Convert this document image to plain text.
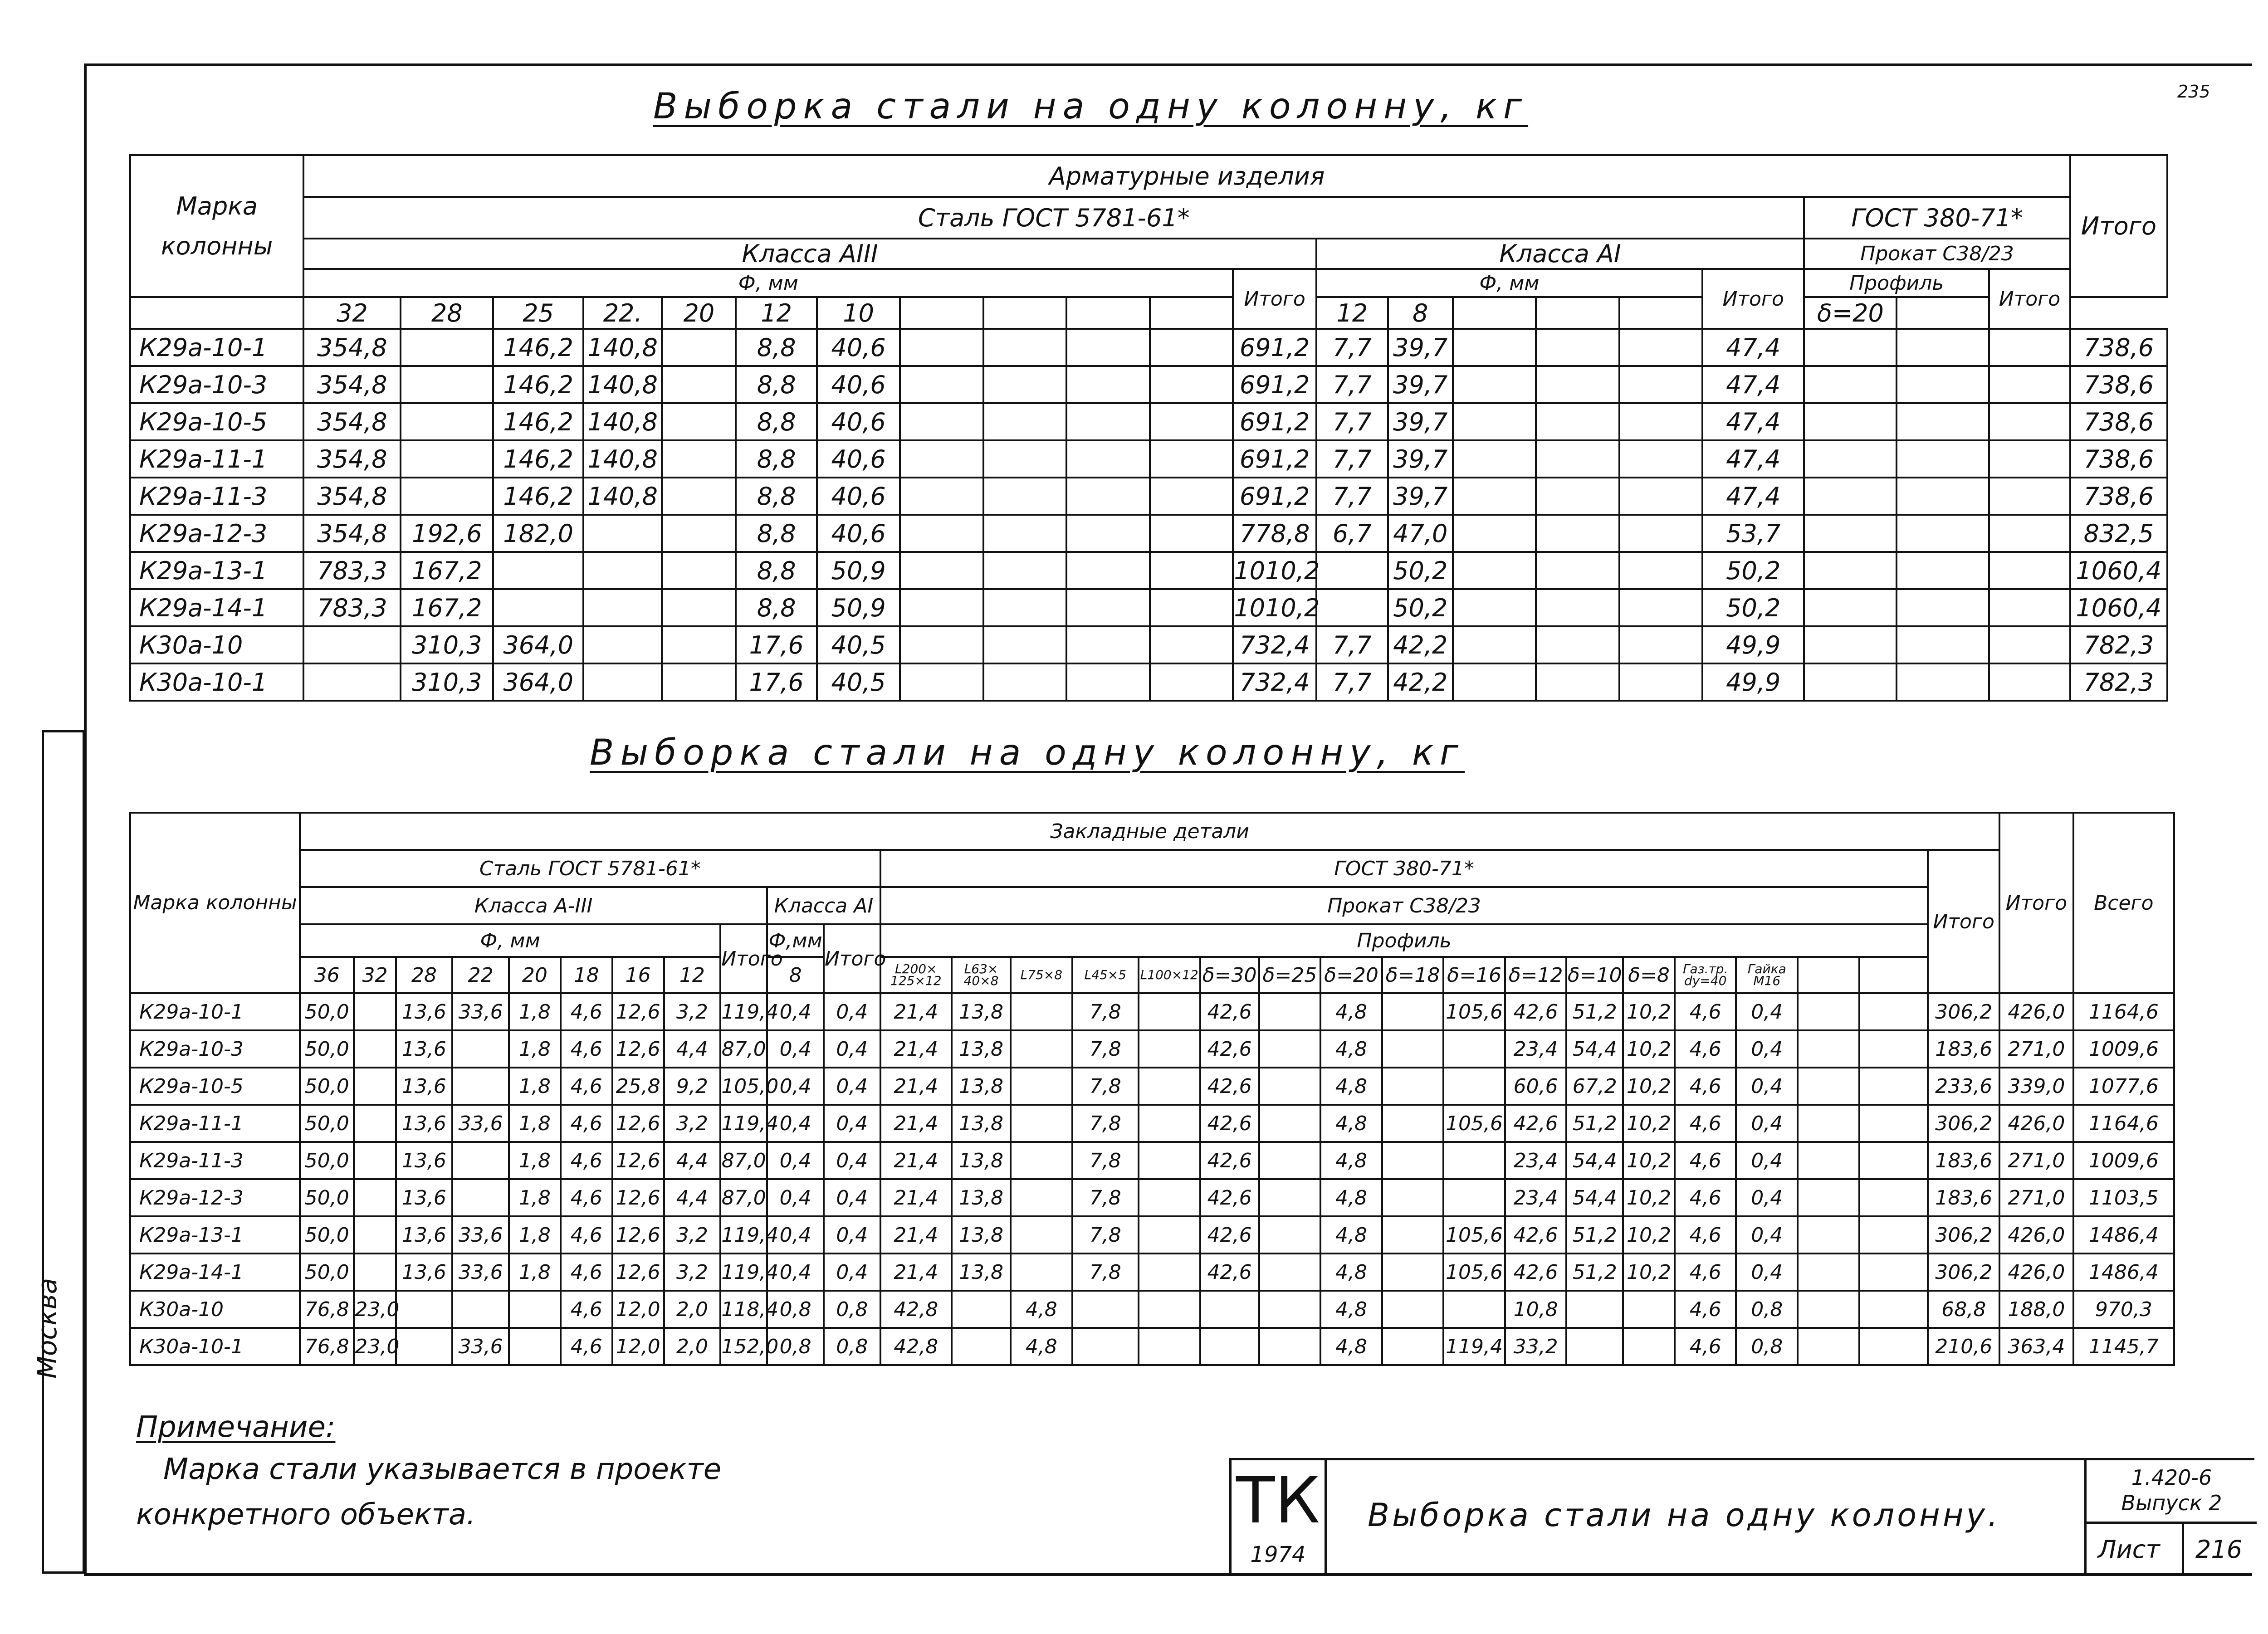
Москва
235
Выборка стали на одну колонну, кг
Марка колонны	Арматурные изделия																					Итого
	Сталь ГОСТ 5781-61*																		ГОСТ 380-71*			
	Класса АIII												Класса АI						Прокат С38/23			
	Ф, мм											Итого	Ф, мм					Итого	Профиль		Итого	
	32	28	25	22.	20	12	10						12	8					δ=20		
К29а-10-1	354,8		146,2	140,8		8,8	40,6					691,2	7,7	39,7				47,4				738,6
К29а-10-3	354,8		146,2	140,8		8,8	40,6					691,2	7,7	39,7				47,4				738,6
К29а-10-5	354,8		146,2	140,8		8,8	40,6					691,2	7,7	39,7				47,4				738,6
К29а-11-1	354,8		146,2	140,8		8,8	40,6					691,2	7,7	39,7				47,4				738,6
К29а-11-3	354,8		146,2	140,8		8,8	40,6					691,2	7,7	39,7				47,4				738,6
К29а-12-3	354,8	192,6	182,0			8,8	40,6					778,8	6,7	47,0				53,7				832,5
К29а-13-1	783,3	167,2				8,8	50,9					1010,2		50,2				50,2				1060,4
К29а-14-1	783,3	167,2				8,8	50,9					1010,2		50,2				50,2				1060,4
К30а-10		310,3	364,0			17,6	40,5					732,4	7,7	42,2				49,9				782,3
К30а-10-1		310,3	364,0			17,6	40,5					732,4	7,7	42,2				49,9				782,3
Выборка стали на одну колонну, кг
Марка колонны	Закладные детали																													Итого	Всего
	Сталь ГОСТ 5781-61*											ГОСТ 380-71*																	Итого		
	Класса А-III									Класса АI		Прокат С38/23																			
	Ф, мм								Итого	Ф,мм	Итого	Профиль																			
	36	32	28	22	20	18	16	12		8		L200× 125×12	L63× 40×8	L75×8	L45×5	L100×12	δ=30	δ=25	δ=20	δ=18	δ=16	δ=12	δ=10	δ=8	Газ.тр. dy=40	Гайка M16					
К29а-10-1	50,0		13,6	33,6	1,8	4,6	12,6	3,2	119,4	0,4	0,4	21,4	13,8		7,8		42,6		4,8		105,6	42,6	51,2	10,2	4,6	0,4			306,2	426,0	1164,6
К29а-10-3	50,0		13,6		1,8	4,6	12,6	4,4	87,0	0,4	0,4	21,4	13,8		7,8		42,6		4,8			23,4	54,4	10,2	4,6	0,4			183,6	271,0	1009,6
К29а-10-5	50,0		13,6		1,8	4,6	25,8	9,2	105,0	0,4	0,4	21,4	13,8		7,8		42,6		4,8			60,6	67,2	10,2	4,6	0,4			233,6	339,0	1077,6
К29а-11-1	50,0		13,6	33,6	1,8	4,6	12,6	3,2	119,4	0,4	0,4	21,4	13,8		7,8		42,6		4,8		105,6	42,6	51,2	10,2	4,6	0,4			306,2	426,0	1164,6
К29а-11-3	50,0		13,6		1,8	4,6	12,6	4,4	87,0	0,4	0,4	21,4	13,8		7,8		42,6		4,8			23,4	54,4	10,2	4,6	0,4			183,6	271,0	1009,6
К29а-12-3	50,0		13,6		1,8	4,6	12,6	4,4	87,0	0,4	0,4	21,4	13,8		7,8		42,6		4,8			23,4	54,4	10,2	4,6	0,4			183,6	271,0	1103,5
К29а-13-1	50,0		13,6	33,6	1,8	4,6	12,6	3,2	119,4	0,4	0,4	21,4	13,8		7,8		42,6		4,8		105,6	42,6	51,2	10,2	4,6	0,4			306,2	426,0	1486,4
К29а-14-1	50,0		13,6	33,6	1,8	4,6	12,6	3,2	119,4	0,4	0,4	21,4	13,8		7,8		42,6		4,8		105,6	42,6	51,2	10,2	4,6	0,4			306,2	426,0	1486,4
К30а-10	76,8	23,0				4,6	12,0	2,0	118,4	0,8	0,8	42,8		4,8					4,8			10,8			4,6	0,8			68,8	188,0	970,3
К30а-10-1	76,8	23,0		33,6		4,6	12,0	2,0	152,0	0,8	0,8	42,8		4,8					4,8		119,4	33,2			4,6	0,8			210,6	363,4	1145,7
Примечание:
Марка стали указывается в проекте конкретного объекта.	ТК
1974
Выборка стали на одну колонну.
1.420-6
Выпуск 2
Лист 216
